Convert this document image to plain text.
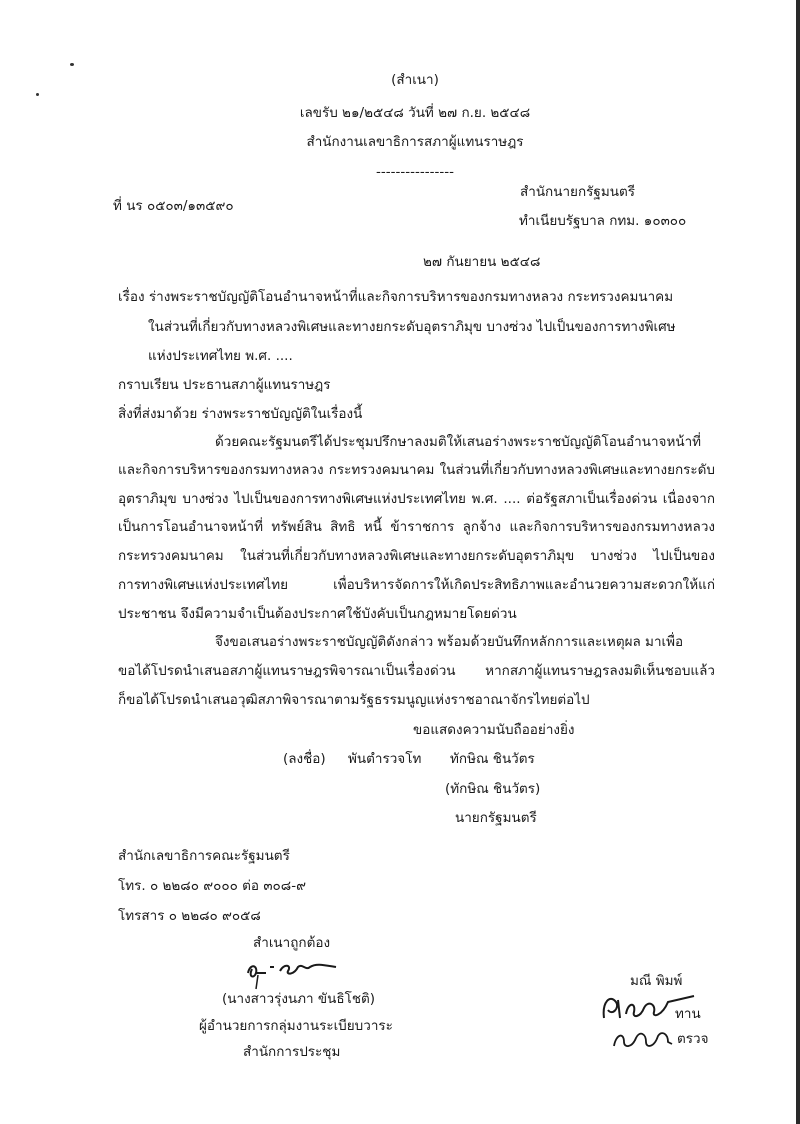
(สำเนา)
เลขรับ ๒๑/๒๕๔๘ วันที่ ๒๗ ก.ย. ๒๕๔๘
สำนักงานเลขาธิการสภาผู้แทนราษฎร
----------------
ที่ นร ๐๕๐๓/๑๓๕๙๐
สำนักนายกรัฐมนตรี
ทำเนียบรัฐบาล กทม. ๑๐๓๐๐
๒๗ กันยายน ๒๕๔๘
เรื่อง ร่างพระราชบัญญัติโอนอำนาจหน้าที่และกิจการบริหารของกรมทางหลวง กระทรวงคมนาคม
ในส่วนที่เกี่ยวกับทางหลวงพิเศษและทางยกระดับอุตราภิมุข บางซ่วง ไปเป็นของการทางพิเศษ
แห่งประเทศไทย พ.ศ. ....
กราบเรียน ประธานสภาผู้แทนราษฎร
สิ่งที่ส่งมาด้วย ร่างพระราชบัญญัติในเรื่องนี้
ด้วยคณะรัฐมนตรีได้ประชุมปรึกษาลงมติให้เสนอร่างพระราชบัญญัติโอนอำนาจหน้าที่
และกิจการบริหารของกรมทางหลวง กระทรวงคมนาคม ในส่วนที่เกี่ยวกับทางหลวงพิเศษและทางยกระดับ
อุตราภิมุข บางซ่วง ไปเป็นของการทางพิเศษแห่งประเทศไทย พ.ศ. .... ต่อรัฐสภาเป็นเรื่องด่วน เนื่องจาก
เป็นการโอนอำนาจหน้าที่ ทรัพย์สิน สิทธิ หนี้ ข้าราชการ ลูกจ้าง และกิจการบริหารของกรมทางหลวง
กระทรวงคมนาคม ในส่วนที่เกี่ยวกับทางหลวงพิเศษและทางยกระดับอุตราภิมุข บางซ่วง ไปเป็นของ
การทางพิเศษแห่งประเทศไทย เพื่อบริหารจัดการให้เกิดประสิทธิภาพและอำนวยความสะดวกให้แก่
ประชาชน จึงมีความจำเป็นต้องประกาศใช้บังคับเป็นกฎหมายโดยด่วน
จึงขอเสนอร่างพระราชบัญญัติดังกล่าว พร้อมด้วยบันทึกหลักการและเหตุผล มาเพื่อ
ขอได้โปรดนำเสนอสภาผู้แทนราษฎรพิจารณาเป็นเรื่องด่วน หากสภาผู้แทนราษฎรลงมติเห็นชอบแล้ว
ก็ขอได้โปรดนำเสนอวุฒิสภาพิจารณาตามรัฐธรรมนูญแห่งราชอาณาจักรไทยต่อไป
ขอแสดงความนับถืออย่างยิ่ง
(ลงชื่อ) พันตำรวจโท ทักษิณ ชินวัตร
(ทักษิณ ชินวัตร)
นายกรัฐมนตรี
สำนักเลขาธิการคณะรัฐมนตรี
โทร. ๐ ๒๒๘๐ ๙๐๐๐ ต่อ ๓๐๘-๙
โทรสาร ๐ ๒๒๘๐ ๙๐๕๘
สำเนาถูกต้อง
(นางสาวรุ่งนภา ขันธิโชติ)
ผู้อำนวยการกลุ่มงานระเบียบวาระ
สำนักการประชุม
มณี พิมพ์
ทาน
ตรวจ
